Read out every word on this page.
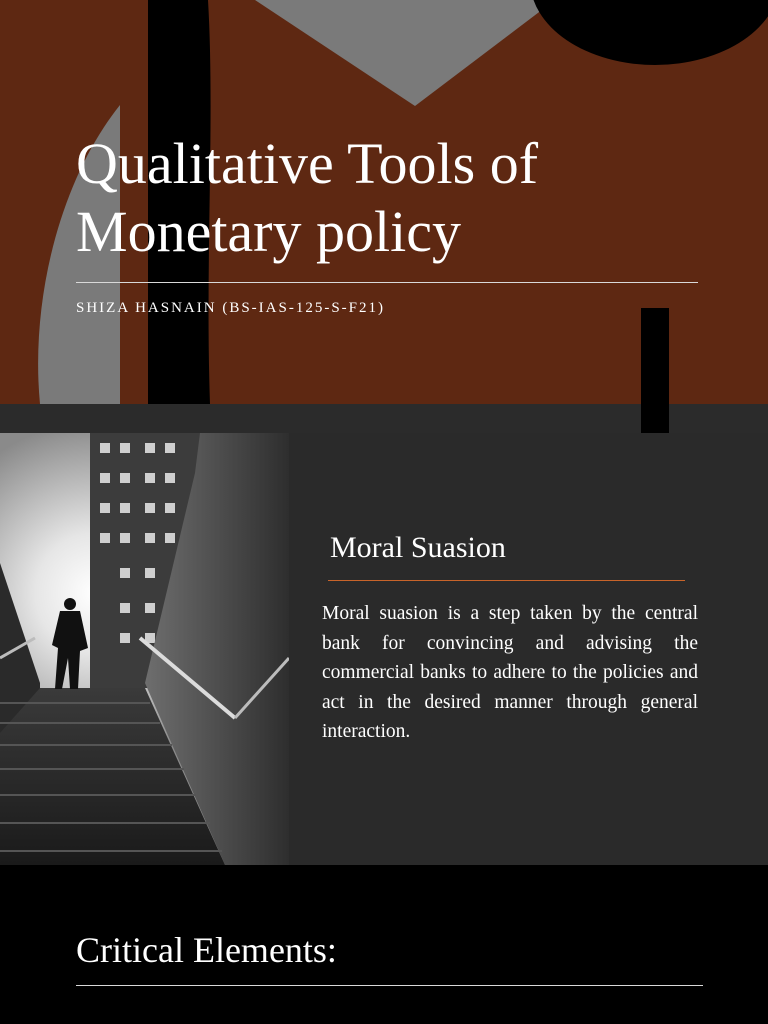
Qualitative Tools of
Monetary policy
SHIZA HASNAIN (BS-IAS-125-S-F21)
Moral Suasion

Moral suasion is a step taken by the central bank for convincing and advising the commercial banks to adhere to the policies and act in the desired manner through general interaction.

Critical Elements:
